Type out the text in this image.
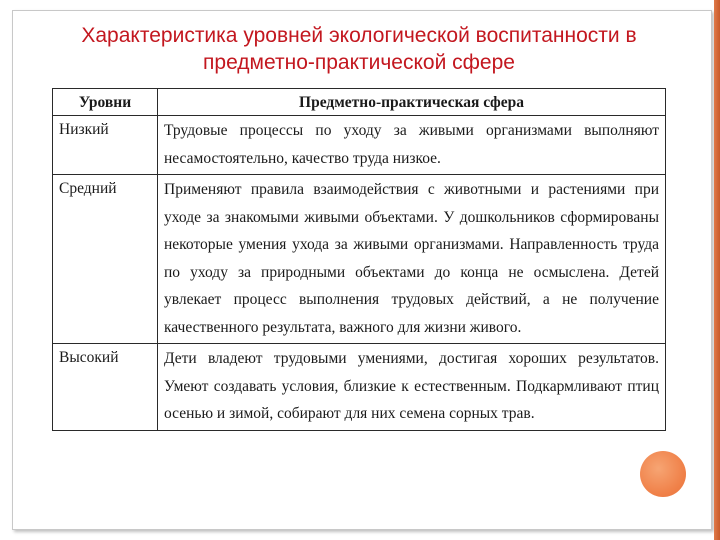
Характеристика уровней экологической воспитанности в
предметно-практической сфере
Уровни	Предметно-практическая сфера
Низкий	Трудовые процессы по уходу за живыми организмами выполняют несамостоятельно, качество труда низкое.
Средний	Применяют правила взаимодействия с животными и растениями при уходе за знакомыми живыми объектами. У дошкольников сформированы некоторые умения ухода за живыми организмами. Направленность труда по уходу за природными объектами до конца не осмыслена. Детей увлекает процесс выполнения трудовых действий, а не получение качественного результата, важного для жизни живого.
Высокий	Дети владеют трудовыми умениями, достигая хороших результатов. Умеют создавать условия, близкие к естественным. Подкармливают птиц осенью и зимой, собирают для них семена сорных трав.
